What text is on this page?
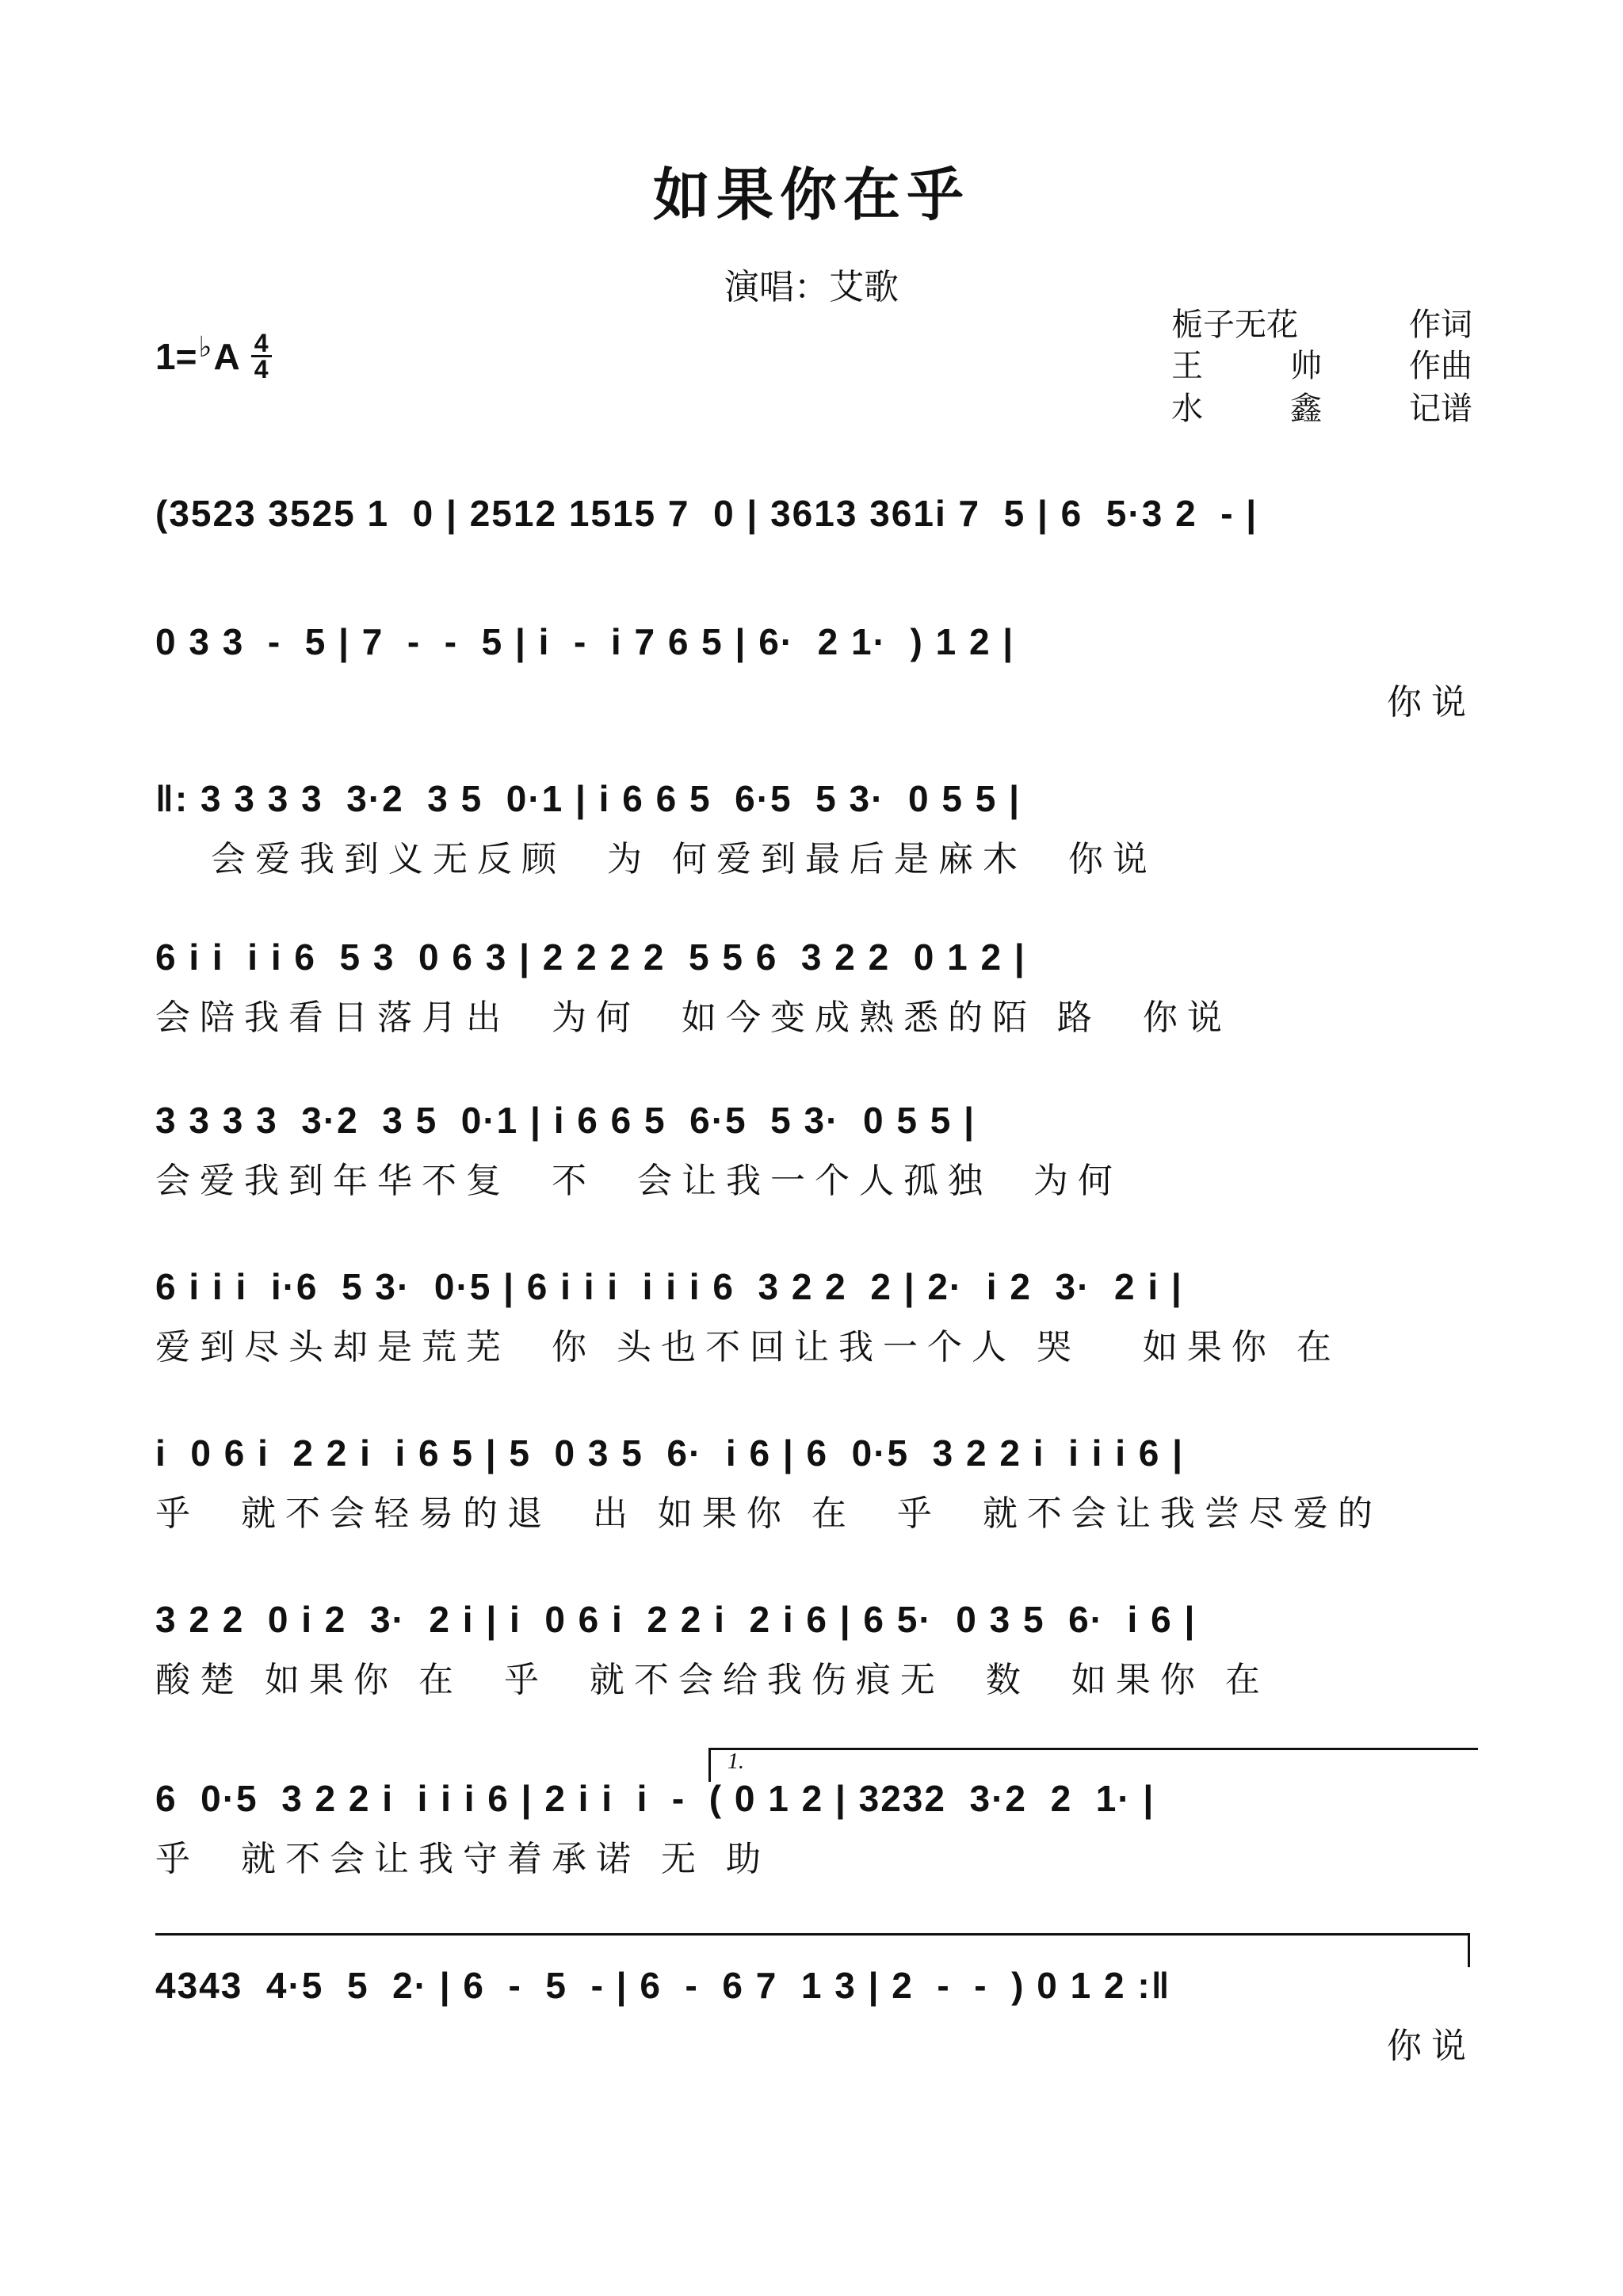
如果你在乎
演唱：艾歌
栀子无花	作词
王	帅	作曲
水	鑫	记谱
1= ♭ A 4
4
(3523 3525 1  0 | 2512 1515 7  0 | 3613 361i 7  5 | 6  5·3 2  - |
0 3 3  -  5 | 7  -  -  5 | i  -  i 7 6 5 | 6·  2 1·  ) 1 2 |
你说
‖: 3 3 3 3  3·2  3 5  0·1 | i 6 6 5  6·5  5 3·  0 5 5 |
会爱我到义无反顾  为 何爱到最后是麻木  你说
6 i i  i i 6  5 3  0 6 3 | 2 2 2 2  5 5 6  3 2 2  0 1 2 |
会陪我看日落月出  为何  如今变成熟悉的陌 路  你说
3 3 3 3  3·2  3 5  0·1 | i 6 6 5  6·5  5 3·  0 5 5 |
会爱我到年华不复  不  会让我一个人孤独  为何
6 i i i  i·6  5 3·  0·5 | 6 i i i  i i i 6  3 2 2  2 | 2·  i 2  3·  2 i |
爱到尽头却是荒芜  你 头也不回让我一个人 哭   如果你 在
i  0 6 i  2 2 i  i 6 5 | 5  0 3 5  6·  i 6 | 6  0·5  3 2 2 i  i i i 6 |
乎  就不会轻易的退  出 如果你 在  乎  就不会让我尝尽爱的
3 2 2  0 i 2  3·  2 i | i  0 6 i  2 2 i  2 i 6 | 6 5·  0 3 5  6·  i 6 |
酸楚 如果你 在  乎  就不会给我伤痕无  数  如果你 在
1.
6  0·5  3 2 2 i  i i i 6 | 2 i i  i  -  ( 0 1 2 | 3232  3·2  2  1· |
乎  就不会让我守着承诺 无 助
4343  4·5  5  2· | 6  -  5  - | 6  -  6 7  1 3 | 2  -  -  ) 0 1 2 :‖
你说
